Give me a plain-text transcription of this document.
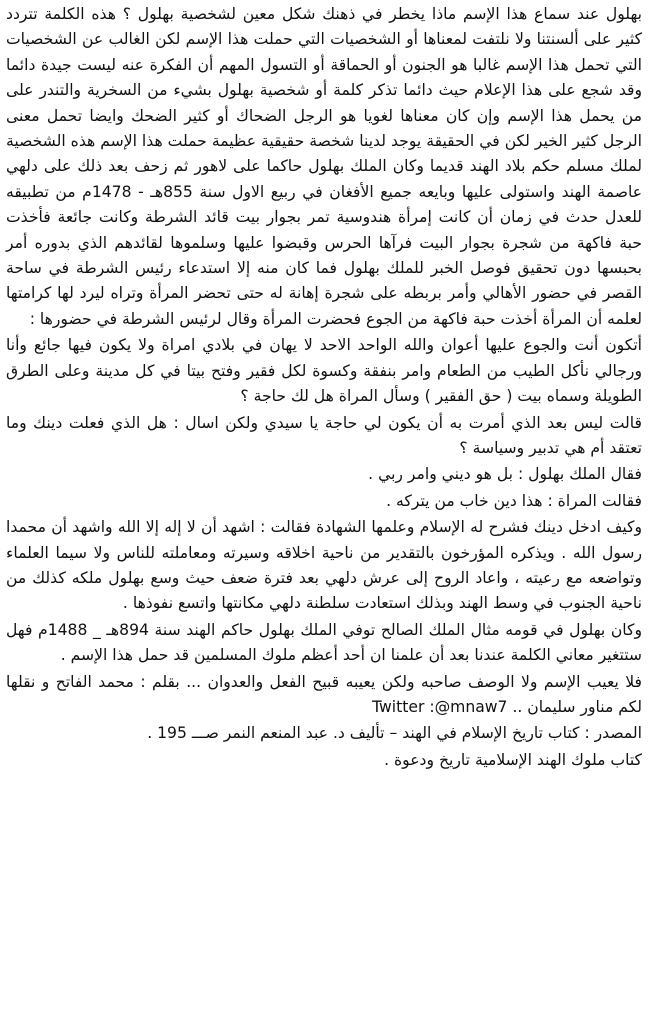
بهلول عند سماع هذا الإسم ماذا يخطر في ذهنك شكل معين لشخصية بهلول ؟ هذه الكلمة تتردد كثير على ألسنتنا ولا نلتفت لمعناها أو الشخصيات التي حملت هذا الإسم لكن الغالب عن الشخصيات التي تحمل هذا الإسم غالبا هو الجنون أو الحماقة أو التسول المهم أن الفكرة عنه ليست جيدة دائما وقد شجع على هذا الإعلام حيث دائما تذكر كلمة أو شخصية بهلول بشيء من السخرية والتندر على من يحمل هذا الإسم وإن كان معناها لغويا هو الرجل الضحاك أو كثير الضحك وايضا تحمل معنى الرجل كثير الخير لكن في الحقيقة يوجد لدينا شخصة حقيقية عظيمة حملت هذا الإسم هذه الشخصية لملك مسلم حكم بلاد الهند قديما وكان الملك بهلول حاكما على لاهور ثم زحف بعد ذلك على دلهي عاصمة الهند واستولى عليها وبايعه جميع الأفغان في ربيع الاول سنة 855هـ - 1478م من تطبيقه للعدل حدث في زمان أن كانت إمرأة هندوسية تمر بجوار بيت قائد الشرطة وكانت جائعة فأخذت حبة فاكهة من شجرة بجوار البيت فرآها الحرس وقبضوا عليها وسلموها لقائدهم الذي بدوره أمر بحبسها دون تحقيق فوصل الخبر للملك بهلول فما كان منه إلا استدعاء رئيس الشرطة في ساحة القصر في حضور الأهالي وأمر بربطه على شجرة إهانة له حتى تحضر المرأة وتراه ليرد لها كرامتها لعلمه أن المرأة أخذت حبة فاكهة من الجوع فحضرت المرأة وقال لرئيس الشرطة في حضورها :

أتكون أنت والجوع عليها أعوان والله الواحد الاحد لا يهان في بلادي امراة ولا يكون فيها جائع وأنا ورجالي نأكل الطيب من الطعام وامر بنفقة وكسوة لكل فقير وفتح بيتا في كل مدينة وعلى الطرق الطويلة وسماه بيت ( حق الفقير ) وسأل المراة هل لك حاجة ؟

قالت ليس بعد الذي أمرت به أن يكون لي حاجة يا سيدي ولكن اسال : هل الذي فعلت دينك وما تعتقد أم هي تدبير وسياسة ؟

فقال الملك بهلول : بل هو ديني وامر ربي .

فقالت المراة : هذا دين خاب من يتركه .

وكيف ادخل دينك فشرح له الإسلام وعلمها الشهادة فقالت : اشهد أن لا إله إلا الله واشهد أن محمدا رسول الله . ويذكره المؤرخون بالتقدير من ناحية اخلاقه وسيرته ومعاملته للناس ولا سيما العلماء وتواضعه مع رعيته ، واعاد الروح إلى عرش دلهي بعد فترة ضعف حيث وسع بهلول ملكه كذلك من ناحية الجنوب في وسط الهند وبذلك استعادت سلطنة دلهي مكانتها واتسع نفوذها .

وكان بهلول في قومه مثال الملك الصالح توفي الملك بهلول حاكم الهند سنة 894هـ _ 1488م فهل ستتغير معاني الكلمة عندنا بعد أن علمنا ان أحد أعظم ملوك المسلمين قد حمل هذا الإسم .

فلا يعيب الإسم ولا الوصف صاحبه ولكن يعيبه قبيح الفعل والعدوان ... بقلم : محمد الفاتح و نقلها لكم مناور سليمان .. Twitter :@mnaw7

المصدر : كتاب تاريخ الإسلام في الهند – تأليف د. عبد المنعم النمر صـــ 195 .

كتاب ملوك الهند الإسلامية تاريخ ودعوة .
